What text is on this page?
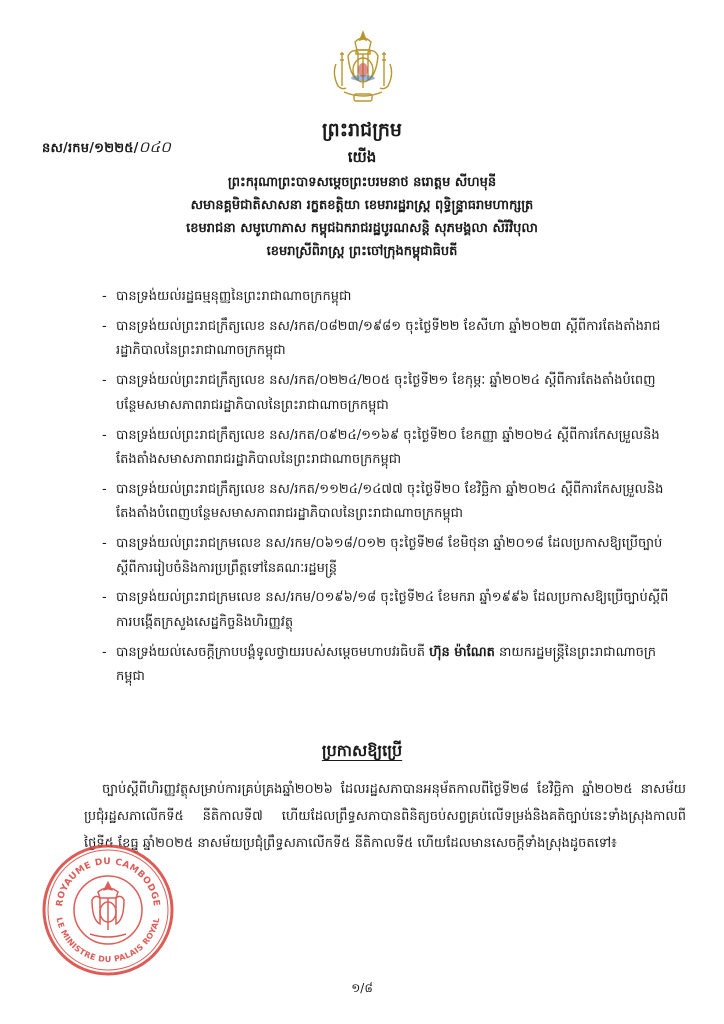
នស/រកម/១២២៥/០៤០
ព្រះរាជក្រម
យើង
ព្រះករុណាព្រះបាទសម្តេចព្រះបរមនាថ នរោត្តម សីហមុនី
សមានគ្គមិជាតិសាសនា រក្ខតខត្តិយា ខេមរារដ្ឋរាស្ត្រ ពុទ្ធិន្ទ្រាធរាមហាក្សត្រ
ខេមរាជនា សមូហោភាស កម្ពុជឯករាជរដ្ឋបូរណសន្តិ សុភមង្គលា សិរីវិបុលា
ខេមរាស្រីពិរាស្ត្រ ព្រះចៅក្រុងកម្ពុជាធិបតី
- បានទ្រង់យល់រដ្ឋធម្មនុញ្ញនៃព្រះរាជាណាចក្រកម្ពុជា
- បានទ្រង់យល់ព្រះរាជក្រឹត្យលេខ នស/រកត/០៨២៣/១៩៨១ ចុះថ្ងៃទី២២ ខែសីហា ឆ្នាំ២០២៣ ស្តីពីការតែងតាំងរាជរដ្ឋាភិបាលនៃព្រះរាជាណាចក្រកម្ពុជា
- បានទ្រង់យល់ព្រះរាជក្រឹត្យលេខ នស/រកត/០២២៤/២០៥ ចុះថ្ងៃទី២១ ខែកុម្ភៈ ឆ្នាំ២០២៤ ស្តីពីការតែងតាំងបំពេញបន្ថែមសមាសភាពរាជរដ្ឋាភិបាលនៃព្រះរាជាណាចក្រកម្ពុជា
- បានទ្រង់យល់ព្រះរាជក្រឹត្យលេខ នស/រកត/០៩២៤/១១៦៩ ចុះថ្ងៃទី២០ ខែកញ្ញា ឆ្នាំ២០២៤ ស្តីពីការកែសម្រួលនិងតែងតាំងសមាសភាពរាជរដ្ឋាភិបាលនៃព្រះរាជាណាចក្រកម្ពុជា
- បានទ្រង់យល់ព្រះរាជក្រឹត្យលេខ នស/រកត/១១២៤/១៤៧៧ ចុះថ្ងៃទី២០ ខែវិច្ឆិកា ឆ្នាំ២០២៤ ស្តីពីការកែសម្រួលនិងតែងតាំងបំពេញបន្ថែមសមាសភាពរាជរដ្ឋាភិបាលនៃព្រះរាជាណាចក្រកម្ពុជា
- បានទ្រង់យល់ព្រះរាជក្រមលេខ នស/រកម/០៦១៨/០១២ ចុះថ្ងៃទី២៨ ខែមិថុនា ឆ្នាំ២០១៨ ដែលប្រកាសឱ្យប្រើច្បាប់ស្តីពីការរៀបចំនិងការប្រព្រឹត្តទៅនៃគណៈរដ្ឋមន្ត្រី
- បានទ្រង់យល់ព្រះរាជក្រមលេខ នស/រកម/០១៩៦/១៨ ចុះថ្ងៃទី២៤ ខែមករា ឆ្នាំ១៩៩៦ ដែលប្រកាសឱ្យប្រើច្បាប់ស្តីពីការបង្កើតក្រសួងសេដ្ឋកិច្ចនិងហិរញ្ញវត្ថុ
- បានទ្រង់យល់សេចក្តីក្រាបបង្គំទូលថ្វាយរបស់សម្តេចមហាបវរធិបតី ហ៊ុន ម៉ាណែត នាយករដ្ឋមន្ត្រីនៃព្រះរាជាណាចក្រកម្ពុជា
ប្រកាសឱ្យប្រើ
ច្បាប់ស្តីពីហិរញ្ញវត្ថុសម្រាប់ការគ្រប់គ្រងឆ្នាំ២០២៦ ដែលរដ្ឋសភាបានអនុម័តកាលពីថ្ងៃទី២៨ ខែវិច្ឆិកា ឆ្នាំ២០២៥ នាសម័យប្រជុំរដ្ឋសភាលើកទី៥ នីតិកាលទី៧ ហើយដែលព្រឹទ្ធសភាបានពិនិត្យចប់សព្វគ្រប់លើទម្រង់និងគតិច្បាប់នេះទាំងស្រុងកាលពីថ្ងៃទី៥ ខែធ្នូ ឆ្នាំ២០២៥ នាសម័យប្រជុំព្រឹទ្ធសភាលើកទី៥ នីតិកាលទី៥ ហើយដែលមានសេចក្តីទាំងស្រុងដូចតទៅ៖
ROYAUME DU CAMBODGE
LE MINISTRE DU PALAIS ROYAL
១/៨
